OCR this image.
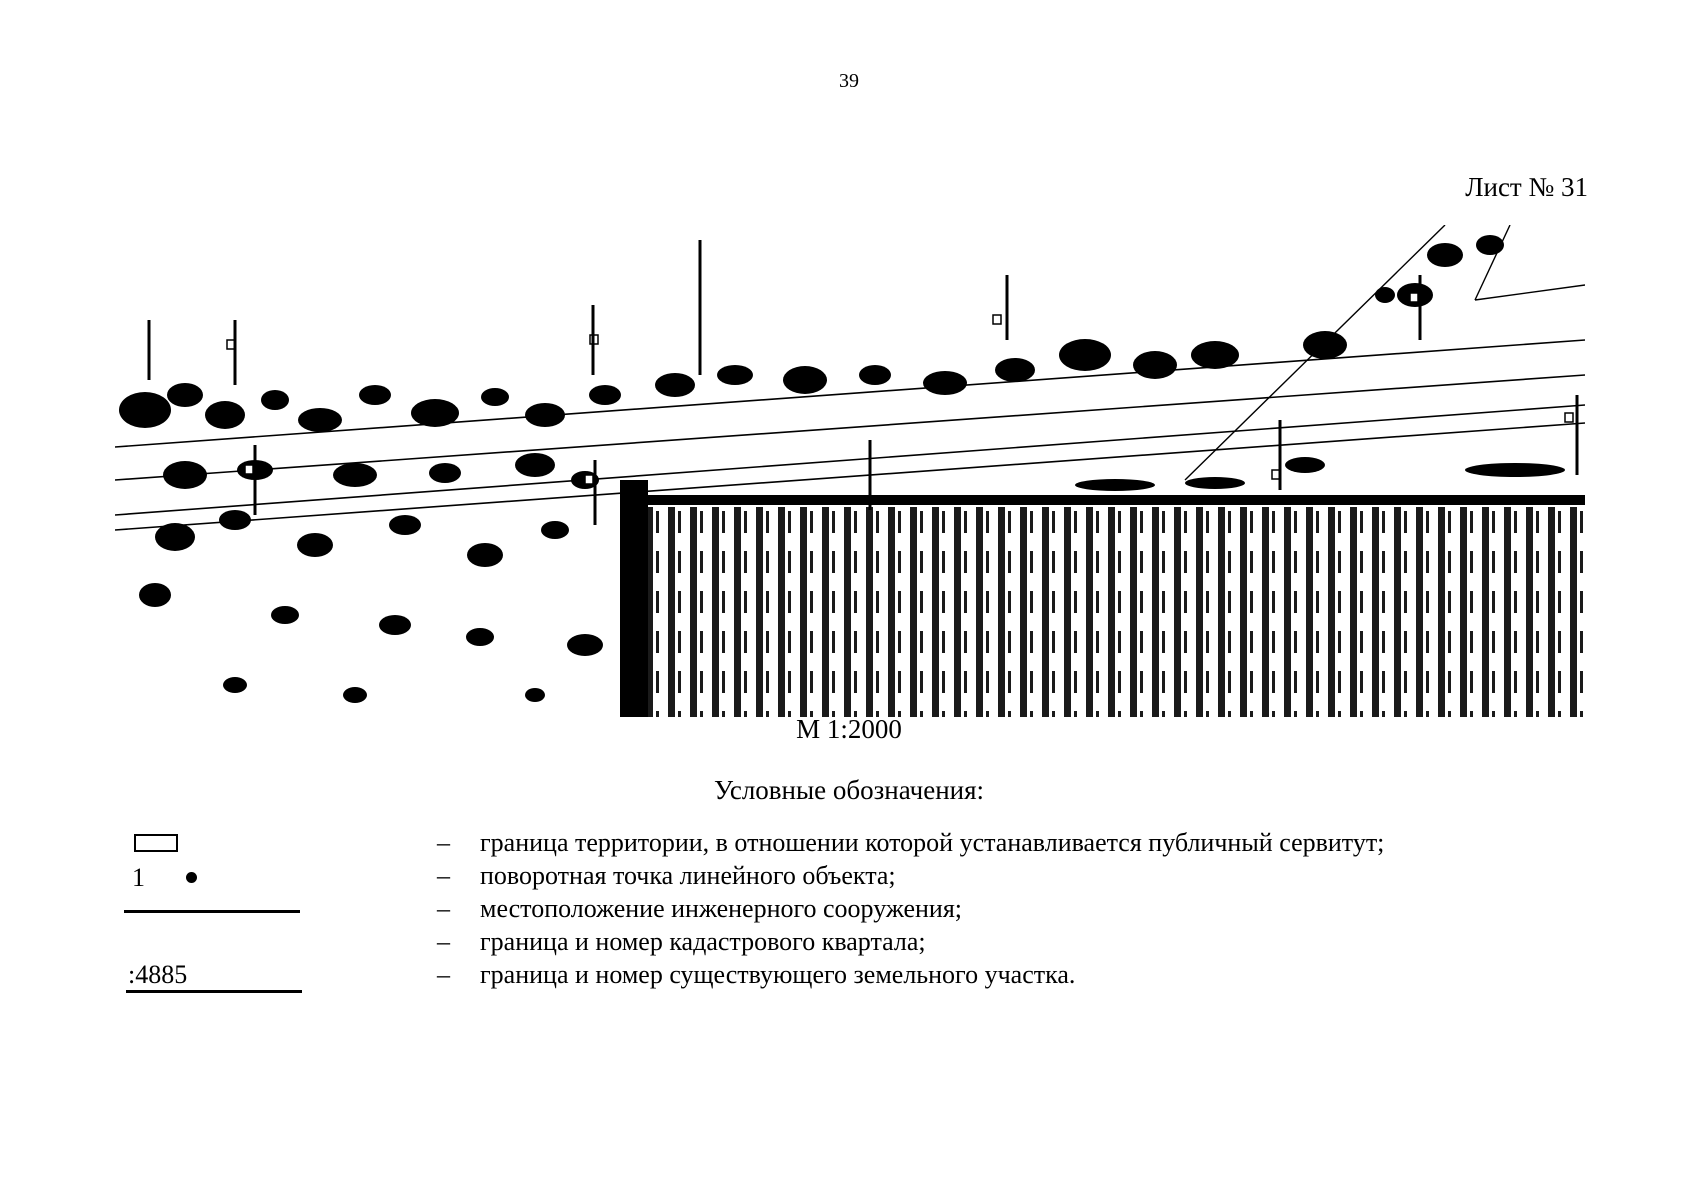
39
Лист № 31
М 1:2000
Условные обозначения:
– граница территории, в отношении которой устанавливается публичный сервитут;
1	– поворотная точка линейного объекта;
– местоположение инженерного сооружения;
– граница и номер кадастрового квартала;
:4885	– граница и номер существующего земельного участка.
